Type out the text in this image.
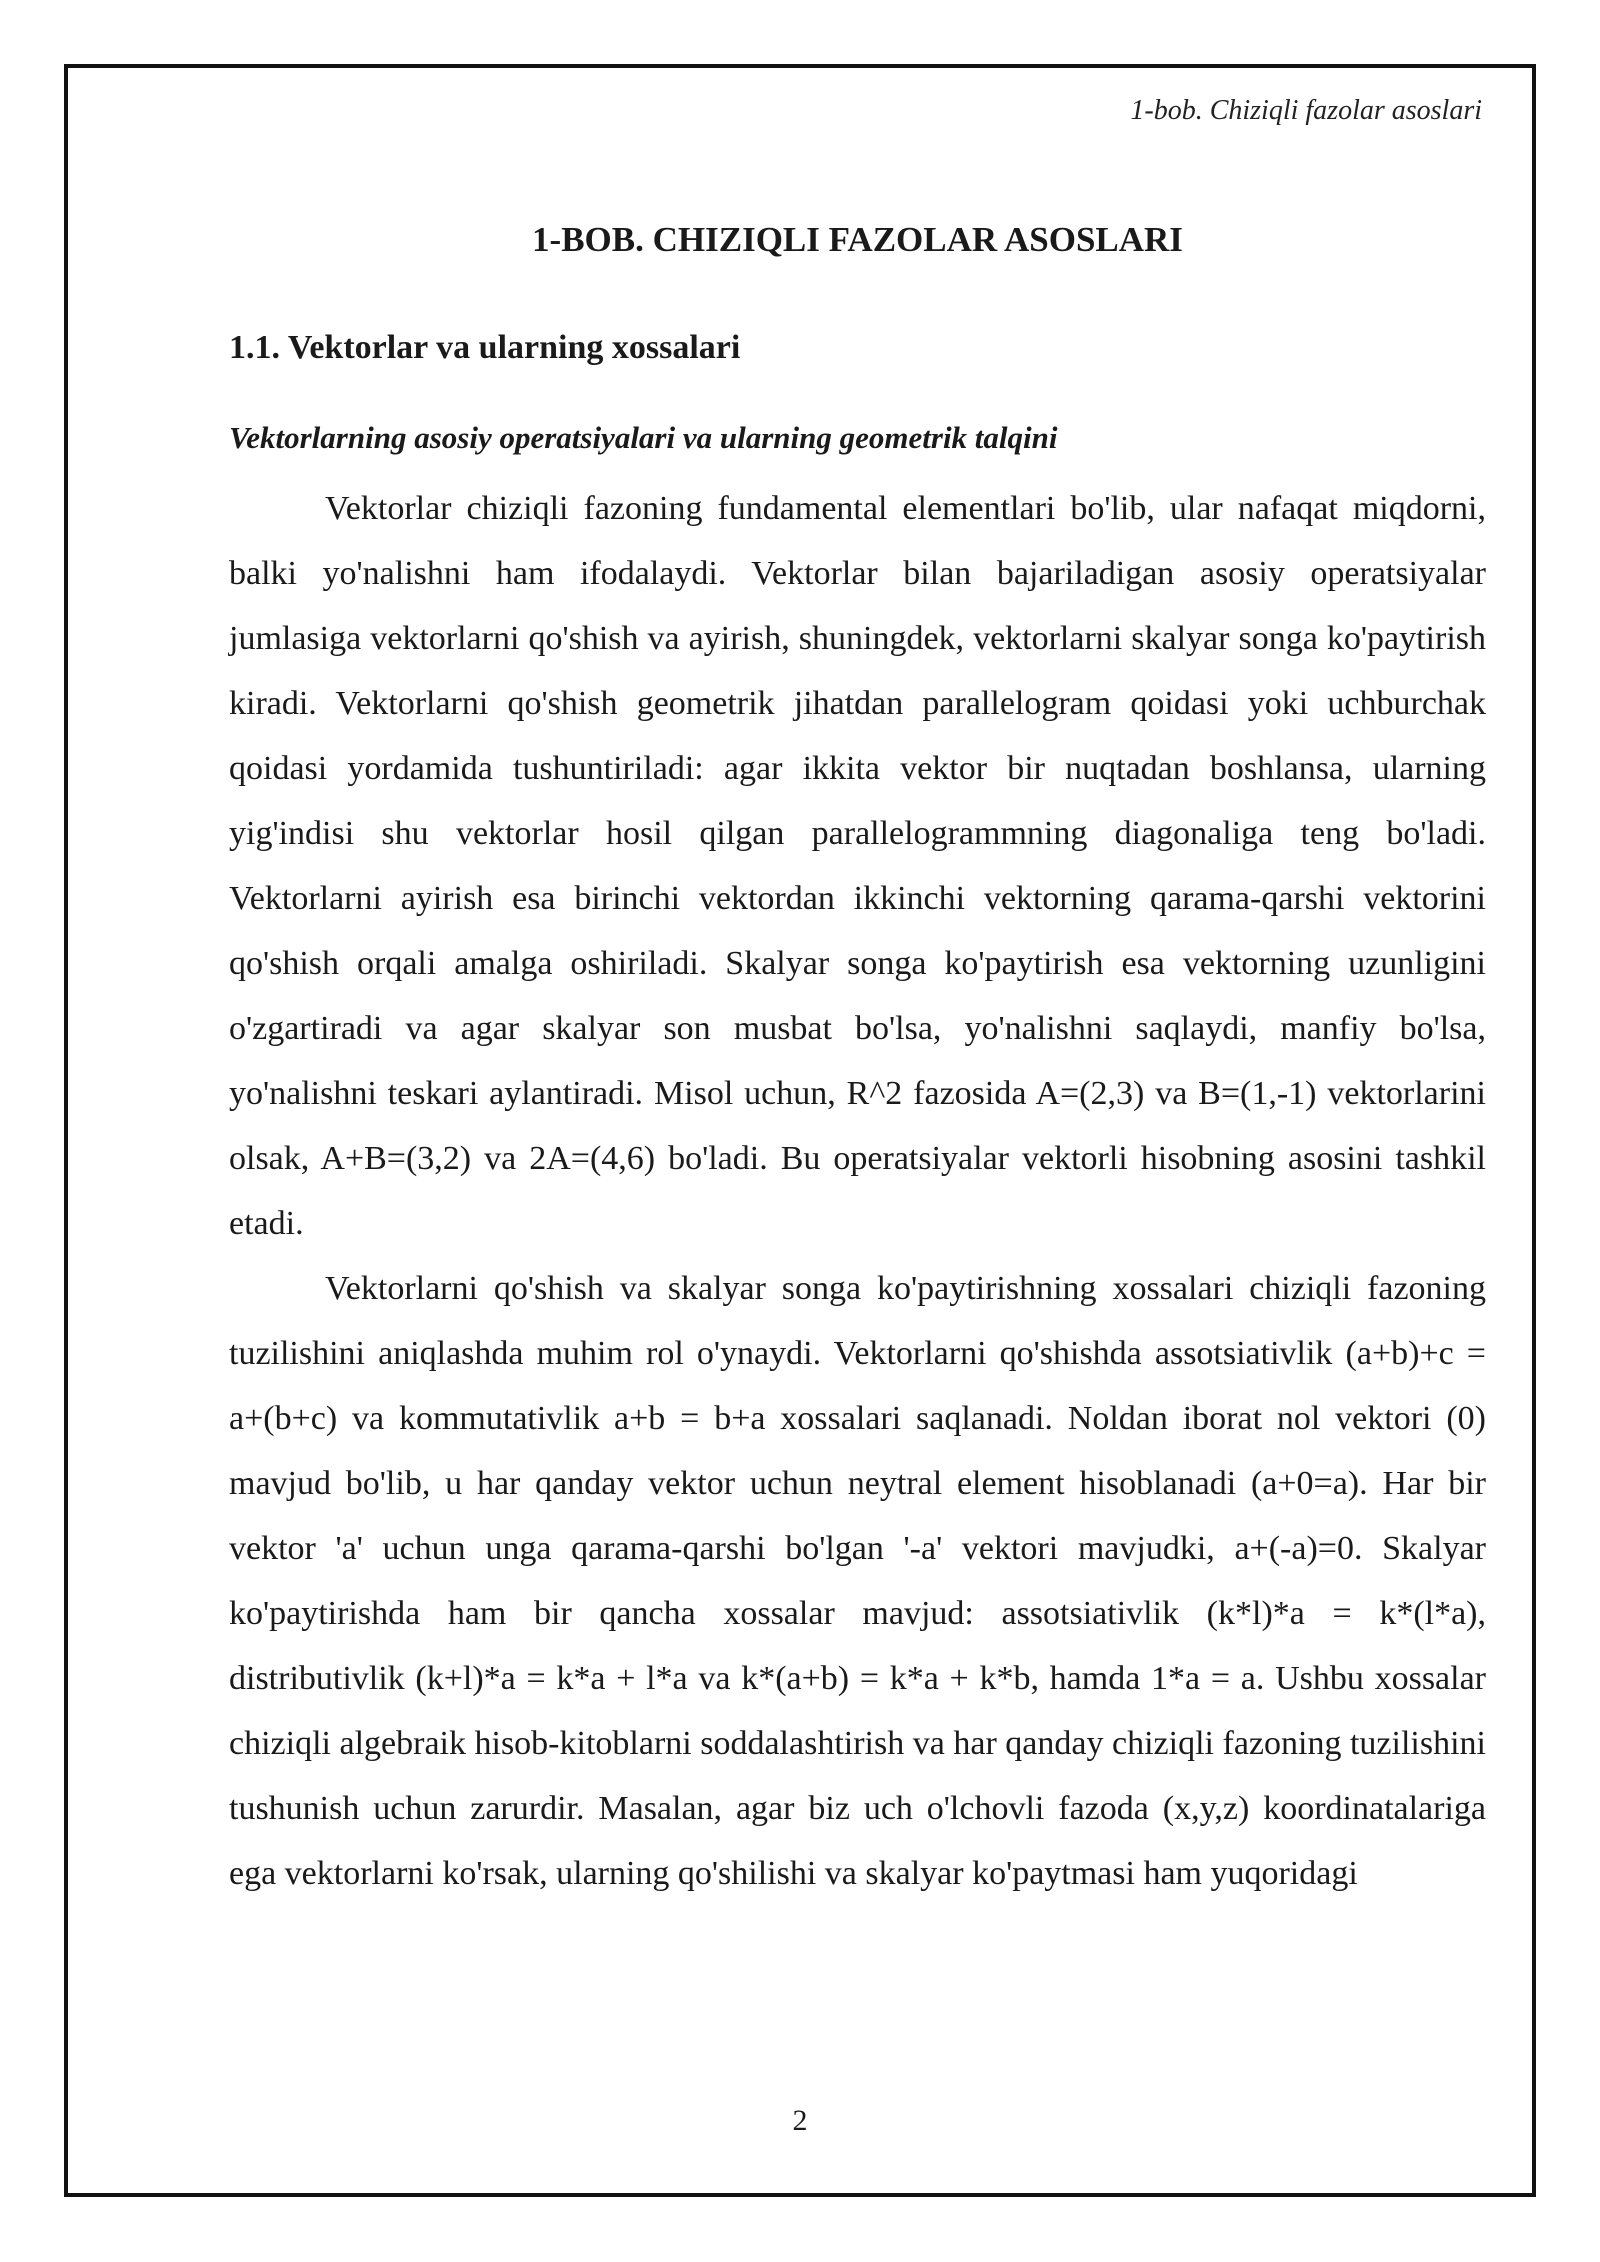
1-bob. Chiziqli fazolar asoslari
1-BOB. CHIZIQLI FAZOLAR ASOSLARI
1.1. Vektorlar va ularning xossalari
Vektorlarning asosiy operatsiyalari va ularning geometrik talqini

Vektorlar chiziqli fazoning fundamental elementlari bo'lib, ular nafaqat miqdorni, balki yo'nalishni ham ifodalaydi. Vektorlar bilan bajariladigan asosiy operatsiyalar jumlasiga vektorlarni qo'shish va ayirish, shuningdek, vektorlarni skalyar songa ko'paytirish kiradi. Vektorlarni qo'shish geometrik jihatdan parallelogram qoidasi yoki uchburchak qoidasi yordamida tushuntiriladi: agar ikkita vektor bir nuqtadan boshlansa, ularning yig'indisi shu vektorlar hosil qilgan parallelogrammning diagonaliga teng bo'ladi. Vektorlarni ayirish esa birinchi vektordan ikkinchi vektorning qarama-qarshi vektorini qo'shish orqali amalga oshiriladi. Skalyar songa ko'paytirish esa vektorning uzunligini o'zgartiradi va agar skalyar son musbat bo'lsa, yo'nalishni saqlaydi, manfiy bo'lsa, yo'nalishni teskari aylantiradi. Misol uchun, R^2 fazosida A=(2,3) va B=(1,-1) vektorlarini olsak, A+B=(3,2) va 2A=(4,6) bo'ladi. Bu operatsiyalar vektorli hisobning asosini tashkil etadi.

Vektorlarni qo'shish va skalyar songa ko'paytirishning xossalari chiziqli fazoning tuzilishini aniqlashda muhim rol o'ynaydi. Vektorlarni qo'shishda assotsiativlik (a+b)+c = a+(b+c) va kommutativlik a+b = b+a xossalari saqlanadi. Noldan iborat nol vektori (0) mavjud bo'lib, u har qanday vektor uchun neytral element hisoblanadi (a+0=a). Har bir vektor 'a' uchun unga qarama-qarshi bo'lgan '-a' vektori mavjudki, a+(-a)=0. Skalyar ko'paytirishda ham bir qancha xossalar mavjud: assotsiativlik (k*l)*a = k*(l*a), distributivlik (k+l)*a = k*a + l*a va k*(a+b) = k*a + k*b, hamda 1*a = a. Ushbu xossalar chiziqli algebraik hisob-kitoblarni soddalashtirish va har qanday chiziqli fazoning tuzilishini tushunish uchun zarurdir. Masalan, agar biz uch o'lchovli fazoda (x,y,z) koordinatalariga ega vektorlarni ko'rsak, ularning qo'shilishi va skalyar ko'paytmasi ham yuqoridagi

2
